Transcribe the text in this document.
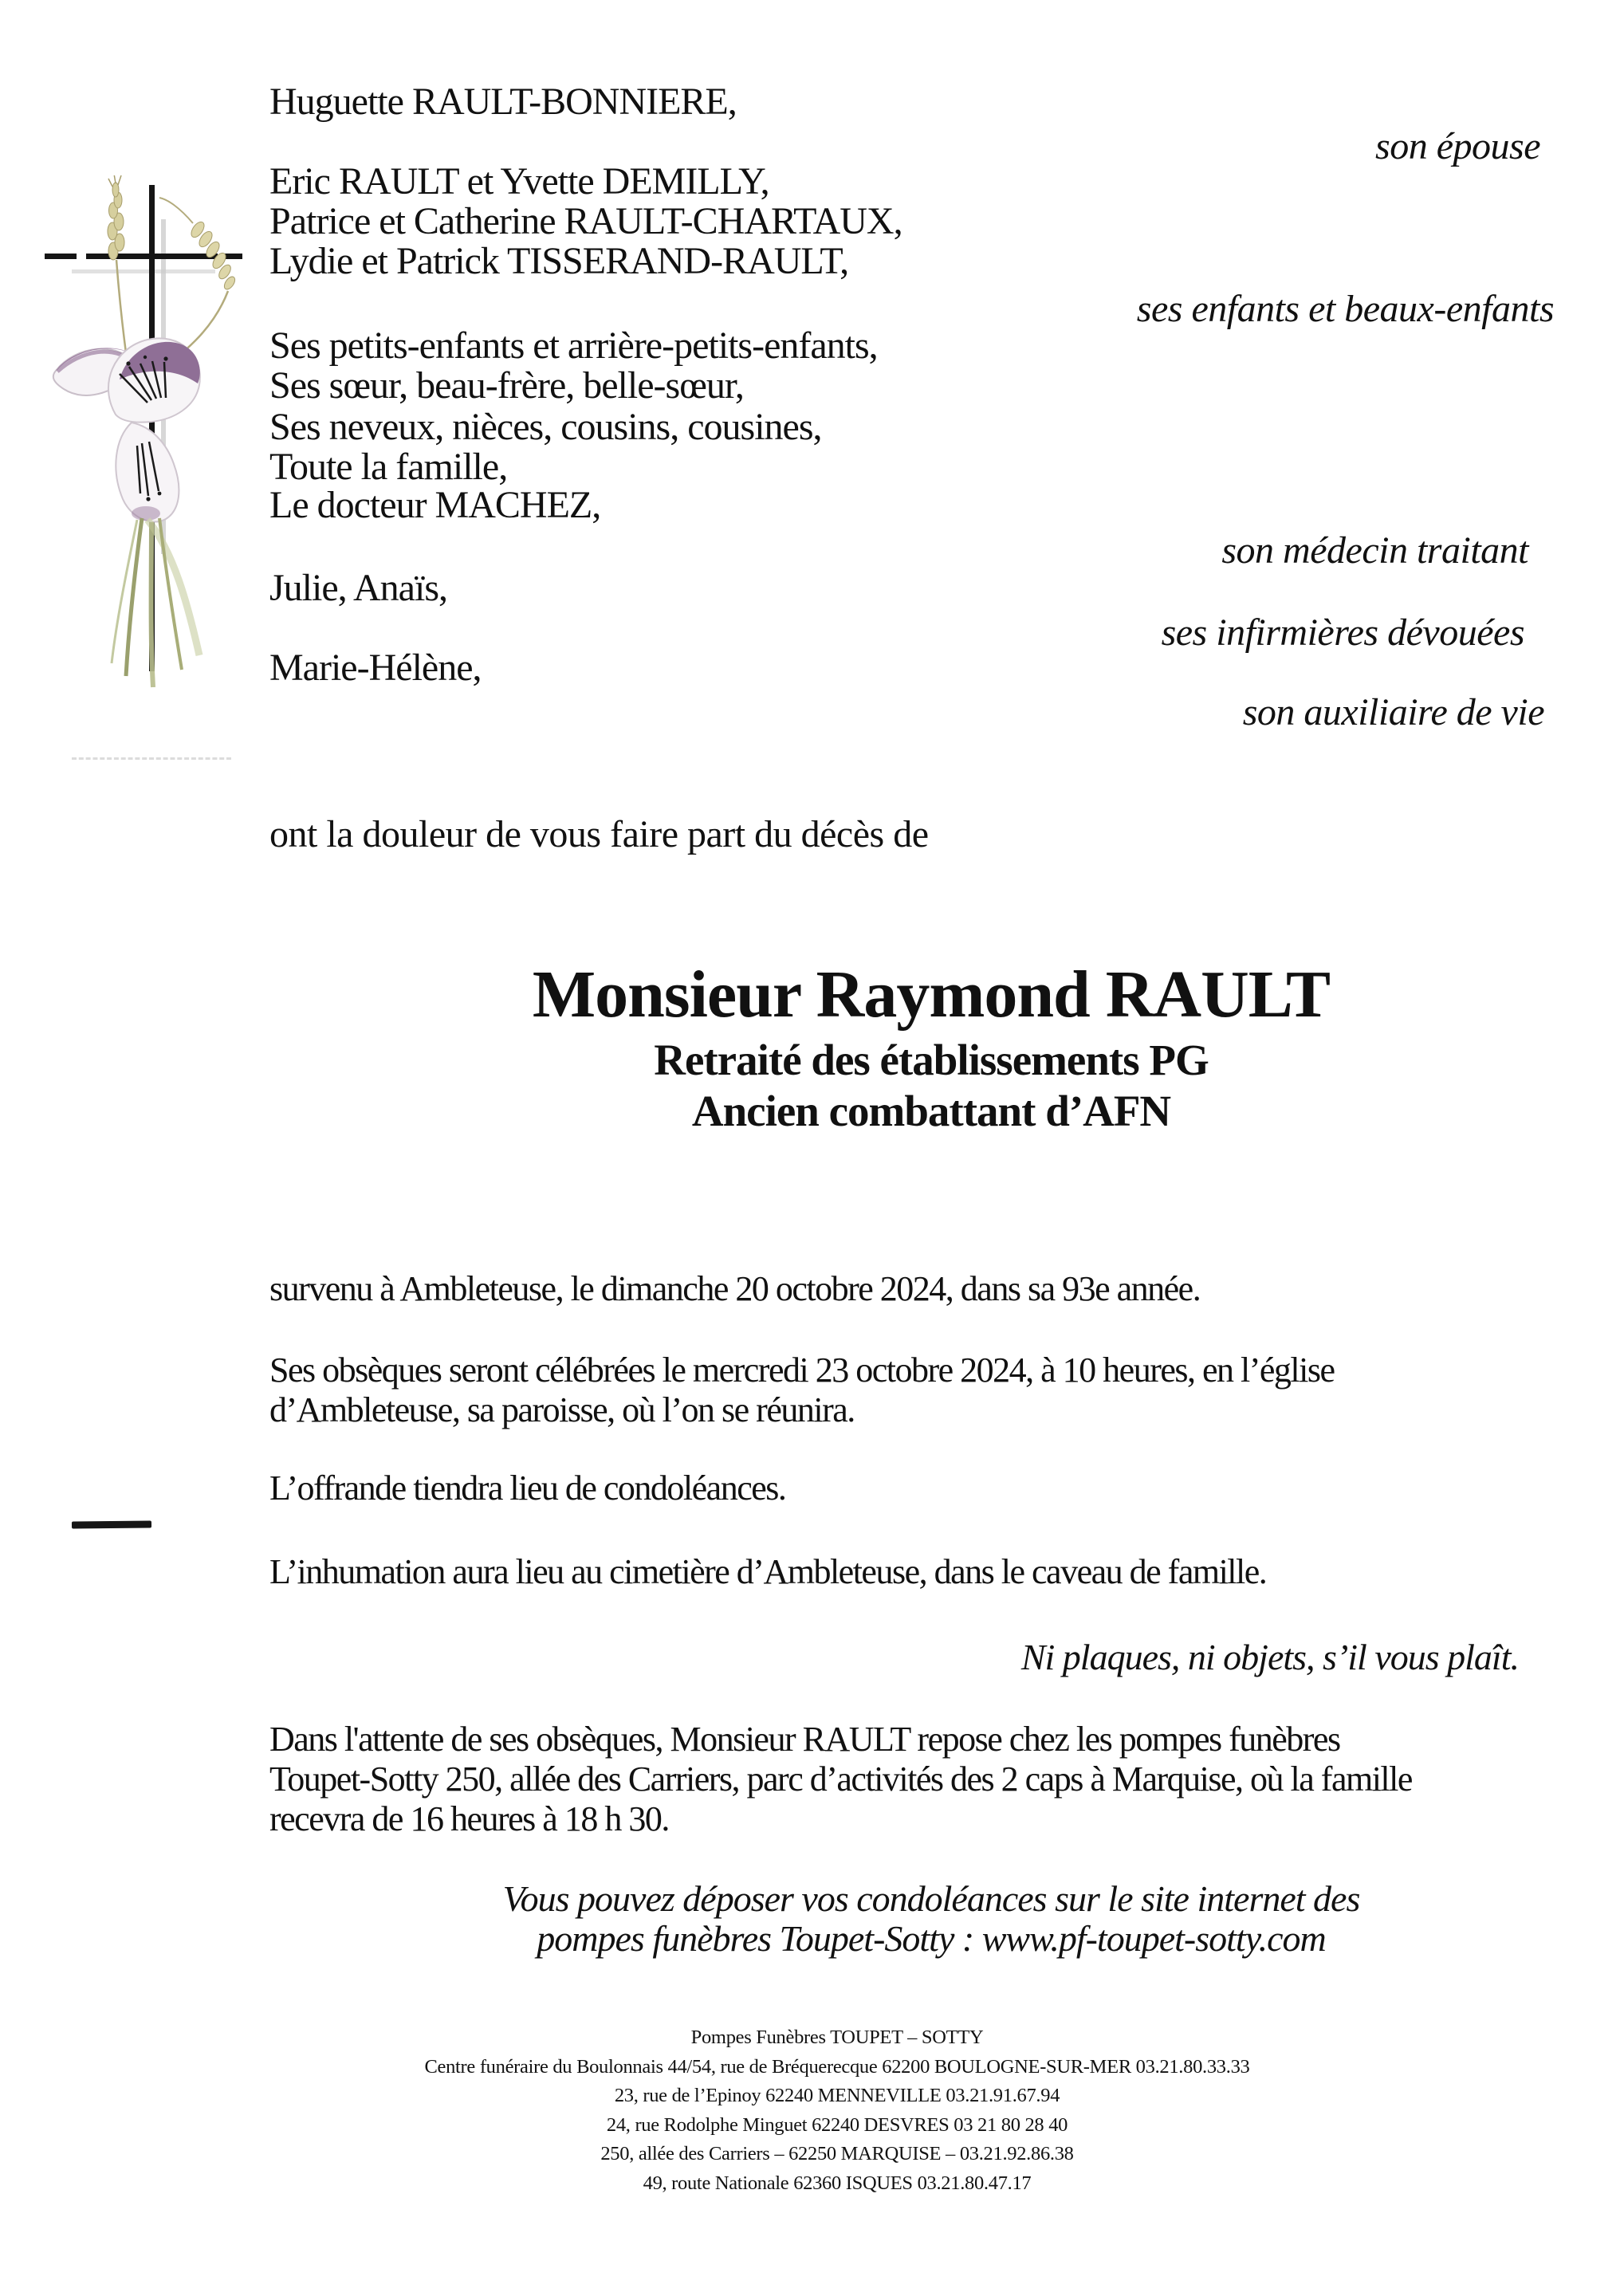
Huguette RAULT-BONNIERE,
Eric RAULT et Yvette DEMILLY,
Patrice et Catherine RAULT-CHARTAUX,
Lydie et Patrick TISSERAND-RAULT,
Ses petits-enfants et arrière-petits-enfants,
Ses sœur, beau-frère, belle-sœur,
Ses neveux, nièces, cousins, cousines,
Toute la famille,
Le docteur MACHEZ,
Julie, Anaïs,
Marie-Hélène,
son épouse
ses enfants et beaux-enfants
son médecin traitant
ses infirmières dévouées
son auxiliaire de vie
ont la douleur de vous faire part du décès de
Monsieur Raymond RAULT
Retraité des établissements PG
Ancien combattant d’AFN
survenu à Ambleteuse, le dimanche 20 octobre 2024, dans sa 93e année.
Ses obsèques seront célébrées le mercredi 23 octobre 2024, à 10 heures, en l’église
d’Ambleteuse, sa paroisse, où l’on se réunira.
L’offrande tiendra lieu de condoléances.
L’inhumation aura lieu au cimetière d’Ambleteuse, dans le caveau de famille.
Ni plaques, ni objets, s’il vous plaît.
Dans l'attente de ses obsèques, Monsieur RAULT repose chez les pompes funèbres
Toupet-Sotty 250, allée des Carriers, parc d’activités des 2 caps à Marquise, où la famille
recevra de 16 heures à 18 h 30.
Vous pouvez déposer vos condoléances sur le site internet des
pompes funèbres Toupet-Sotty : www.pf-toupet-sotty.com
Pompes Funèbres TOUPET – SOTTY
Centre funéraire du Boulonnais 44/54, rue de Bréquerecque 62200 BOULOGNE-SUR-MER 03.21.80.33.33
23, rue de l’Epinoy 62240 MENNEVILLE 03.21.91.67.94
24, rue Rodolphe Minguet 62240 DESVRES 03 21 80 28 40
250, allée des Carriers – 62250 MARQUISE – 03.21.92.86.38
49, route Nationale 62360 ISQUES 03.21.80.47.17
